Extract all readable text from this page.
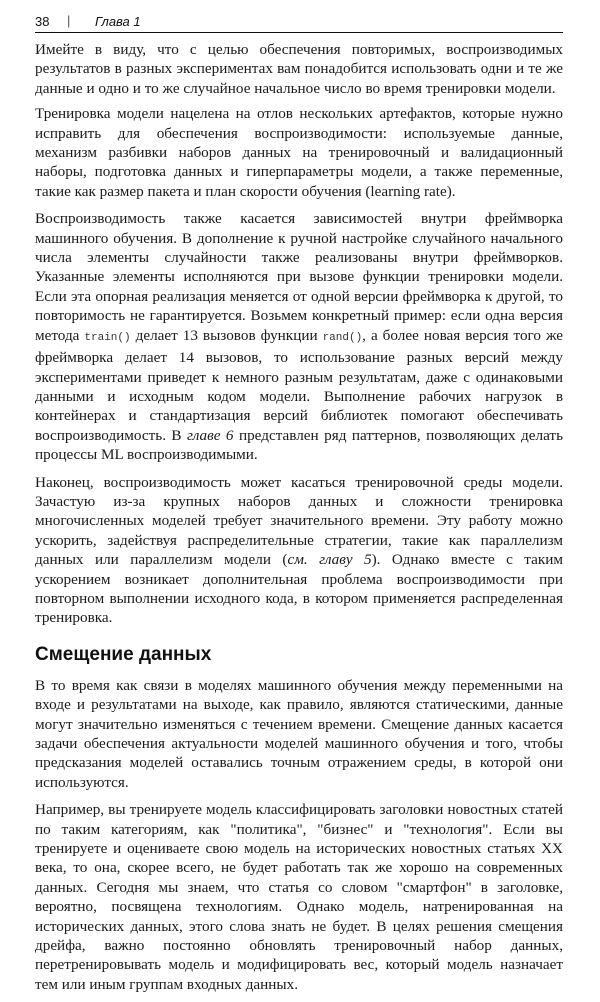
38 | Глава 1

Имейте в виду, что с целью обеспечения повторимых, воспроизводимых результатов в разных экспериментах вам понадобится использовать одни и те же данные и одно и то же случайное начальное число во время тренировки модели.

Тренировка модели нацелена на отлов нескольких артефактов, которые нужно исправить для обеспечения воспроизводимости: используемые данные, механизм разбивки наборов данных на тренировочный и валидационный наборы, подготовка данных и гиперпараметры модели, а также переменные, такие как размер пакета и план скорости обучения (learning rate).

Воспроизводимость также касается зависимостей внутри фреймворка машинного обучения. В дополнение к ручной настройке случайного начального числа элементы случайности также реализованы внутри фреймворков. Указанные элементы исполняются при вызове функции тренировки модели. Если эта опорная реализация меняется от одной версии фреймворка к другой, то повторимость не гарантируется. Возьмем конкретный пример: если одна версия метода train() делает 13 вызовов функции rand(), а более новая версия того же фреймворка делает 14 вызовов, то использование разных версий между экспериментами приведет к немного разным результатам, даже с одинаковыми данными и исходным кодом модели. Выполнение рабочих нагрузок в контейнерах и стандартизация версий библиотек помогают обеспечивать воспроизводимость. В главе 6 представлен ряд паттернов, позволяющих делать процессы ML воспроизводимыми.

Наконец, воспроизводимость может касаться тренировочной среды модели. Зачастую из-за крупных наборов данных и сложности тренировка многочисленных моделей требует значительного времени. Эту работу можно ускорить, задействуя распределительные стратегии, такие как параллелизм данных или параллелизм модели (см. главу 5). Однако вместе с таким ускорением возникает дополнительная проблема воспроизводимости при повторном выполнении исходного кода, в котором применяется распределенная тренировка.

Смещение данных

В то время как связи в моделях машинного обучения между переменными на входе и результатами на выходе, как правило, являются статическими, данные могут значительно изменяться с течением времени. Смещение данных касается задачи обеспечения актуальности моделей машинного обучения и того, чтобы предсказания моделей оставались точным отражением среды, в которой они используются.

Например, вы тренируете модель классифицировать заголовки новостных статей по таким категориям, как "политика", "бизнес" и "технология". Если вы тренируете и оцениваете свою модель на исторических новостных статьях XX века, то она, скорее всего, не будет работать так же хорошо на современных данных. Сегодня мы знаем, что статья со словом "смартфон" в заголовке, вероятно, посвящена технологиям. Однако модель, натренированная на исторических данных, этого слова знать не будет. В целях решения смещения дрейфа, важно постоянно обновлять тренировочный набор данных, перетренировывать модель и модифицировать вес, который модель назначает тем или иным группам входных данных.
